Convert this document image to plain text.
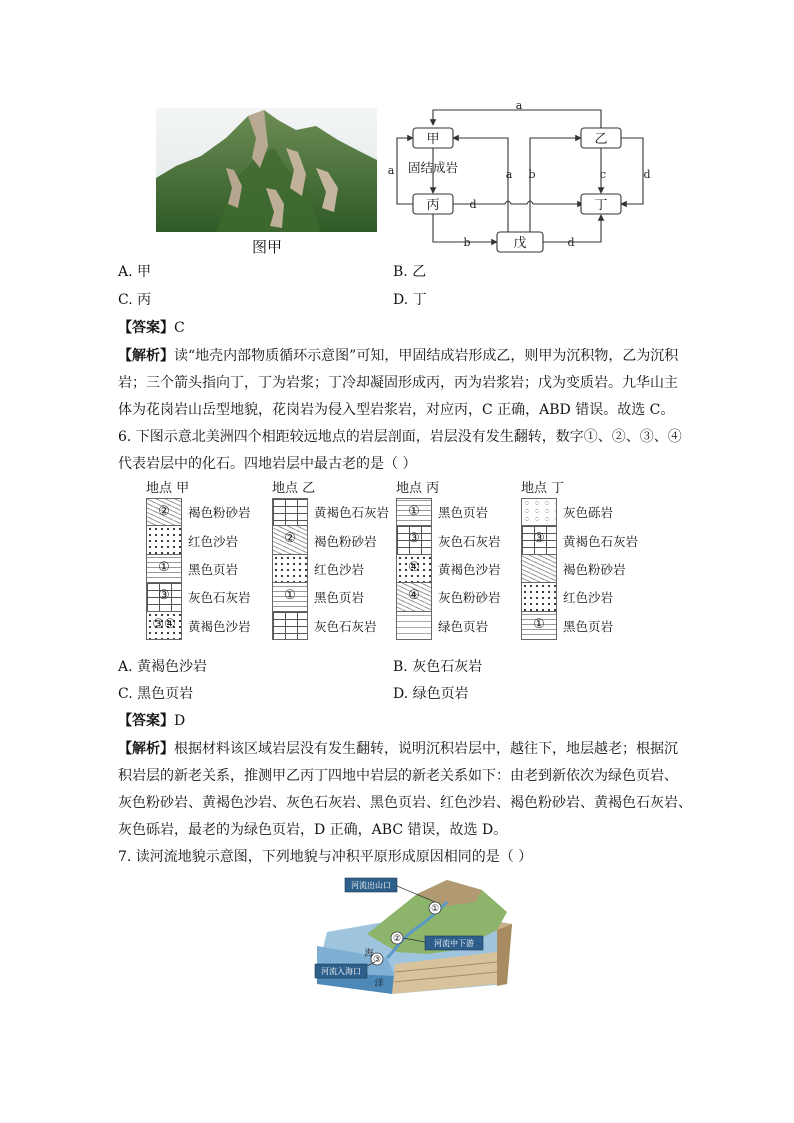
图甲
甲	乙
丙	丁
戊
固结成岩
a
a	a b	c	d
d
b	d
A. 甲	B. 乙
C. 丙	D. 丁
【答案】C
【解析】读“地壳内部物质循环示意图”可知，甲固结成岩形成乙，则甲为沉积物，乙为沉积
岩；三个箭头指向丁，丁为岩浆；丁冷却凝固形成丙，丙为岩浆岩；戊为变质岩。九华山主
体为花岗岩山岳型地貌，花岗岩为侵入型岩浆岩，对应丙，C 正确，ABD 错误。故选 C。
6. 下图示意北美洲四个相距较远地点的岩层剖面，岩层没有发生翻转，数字①、②、③、④
代表岩层中的化石。四地岩层中最古老的是（ ）
地点 甲
②	褐色粉砂岩
红色沙岩
①	黑色页岩
③	灰色石灰岩
③④ 黄褐色沙岩
地点 乙
黄褐色石灰岩
②	褐色粉砂岩
红色沙岩
①	黑色页岩
灰色石灰岩
地点 丙
①	黑色页岩
③	灰色石灰岩
④	黄褐色沙岩
④	灰色粉砂岩
绿色页岩
地点 丁
灰色砾岩
③	黄褐色石灰岩
褐色粉砂岩
红色沙岩
①	黑色页岩
A. 黄褐色沙岩	B. 灰色石灰岩
C. 黑色页岩	D. 绿色页岩
【答案】D
【解析】根据材料该区域岩层没有发生翻转，说明沉积岩层中，越往下，地层越老；根据沉
积岩层的新老关系，推测甲乙丙丁四地中岩层的新老关系如下：由老到新依次为绿色页岩、
灰色粉砂岩、黄褐色沙岩、灰色石灰岩、黑色页岩、红色沙岩、褐色粉砂岩、黄褐色石灰岩、
灰色砾岩，最老的为绿色页岩，D 正确，ABC 错误，故选 D。
7. 读河流地貌示意图，下列地貌与冲积平原形成原因相同的是（ ）
①
②
③
河流出山口
河流中下游
河流入海口
海
洋
